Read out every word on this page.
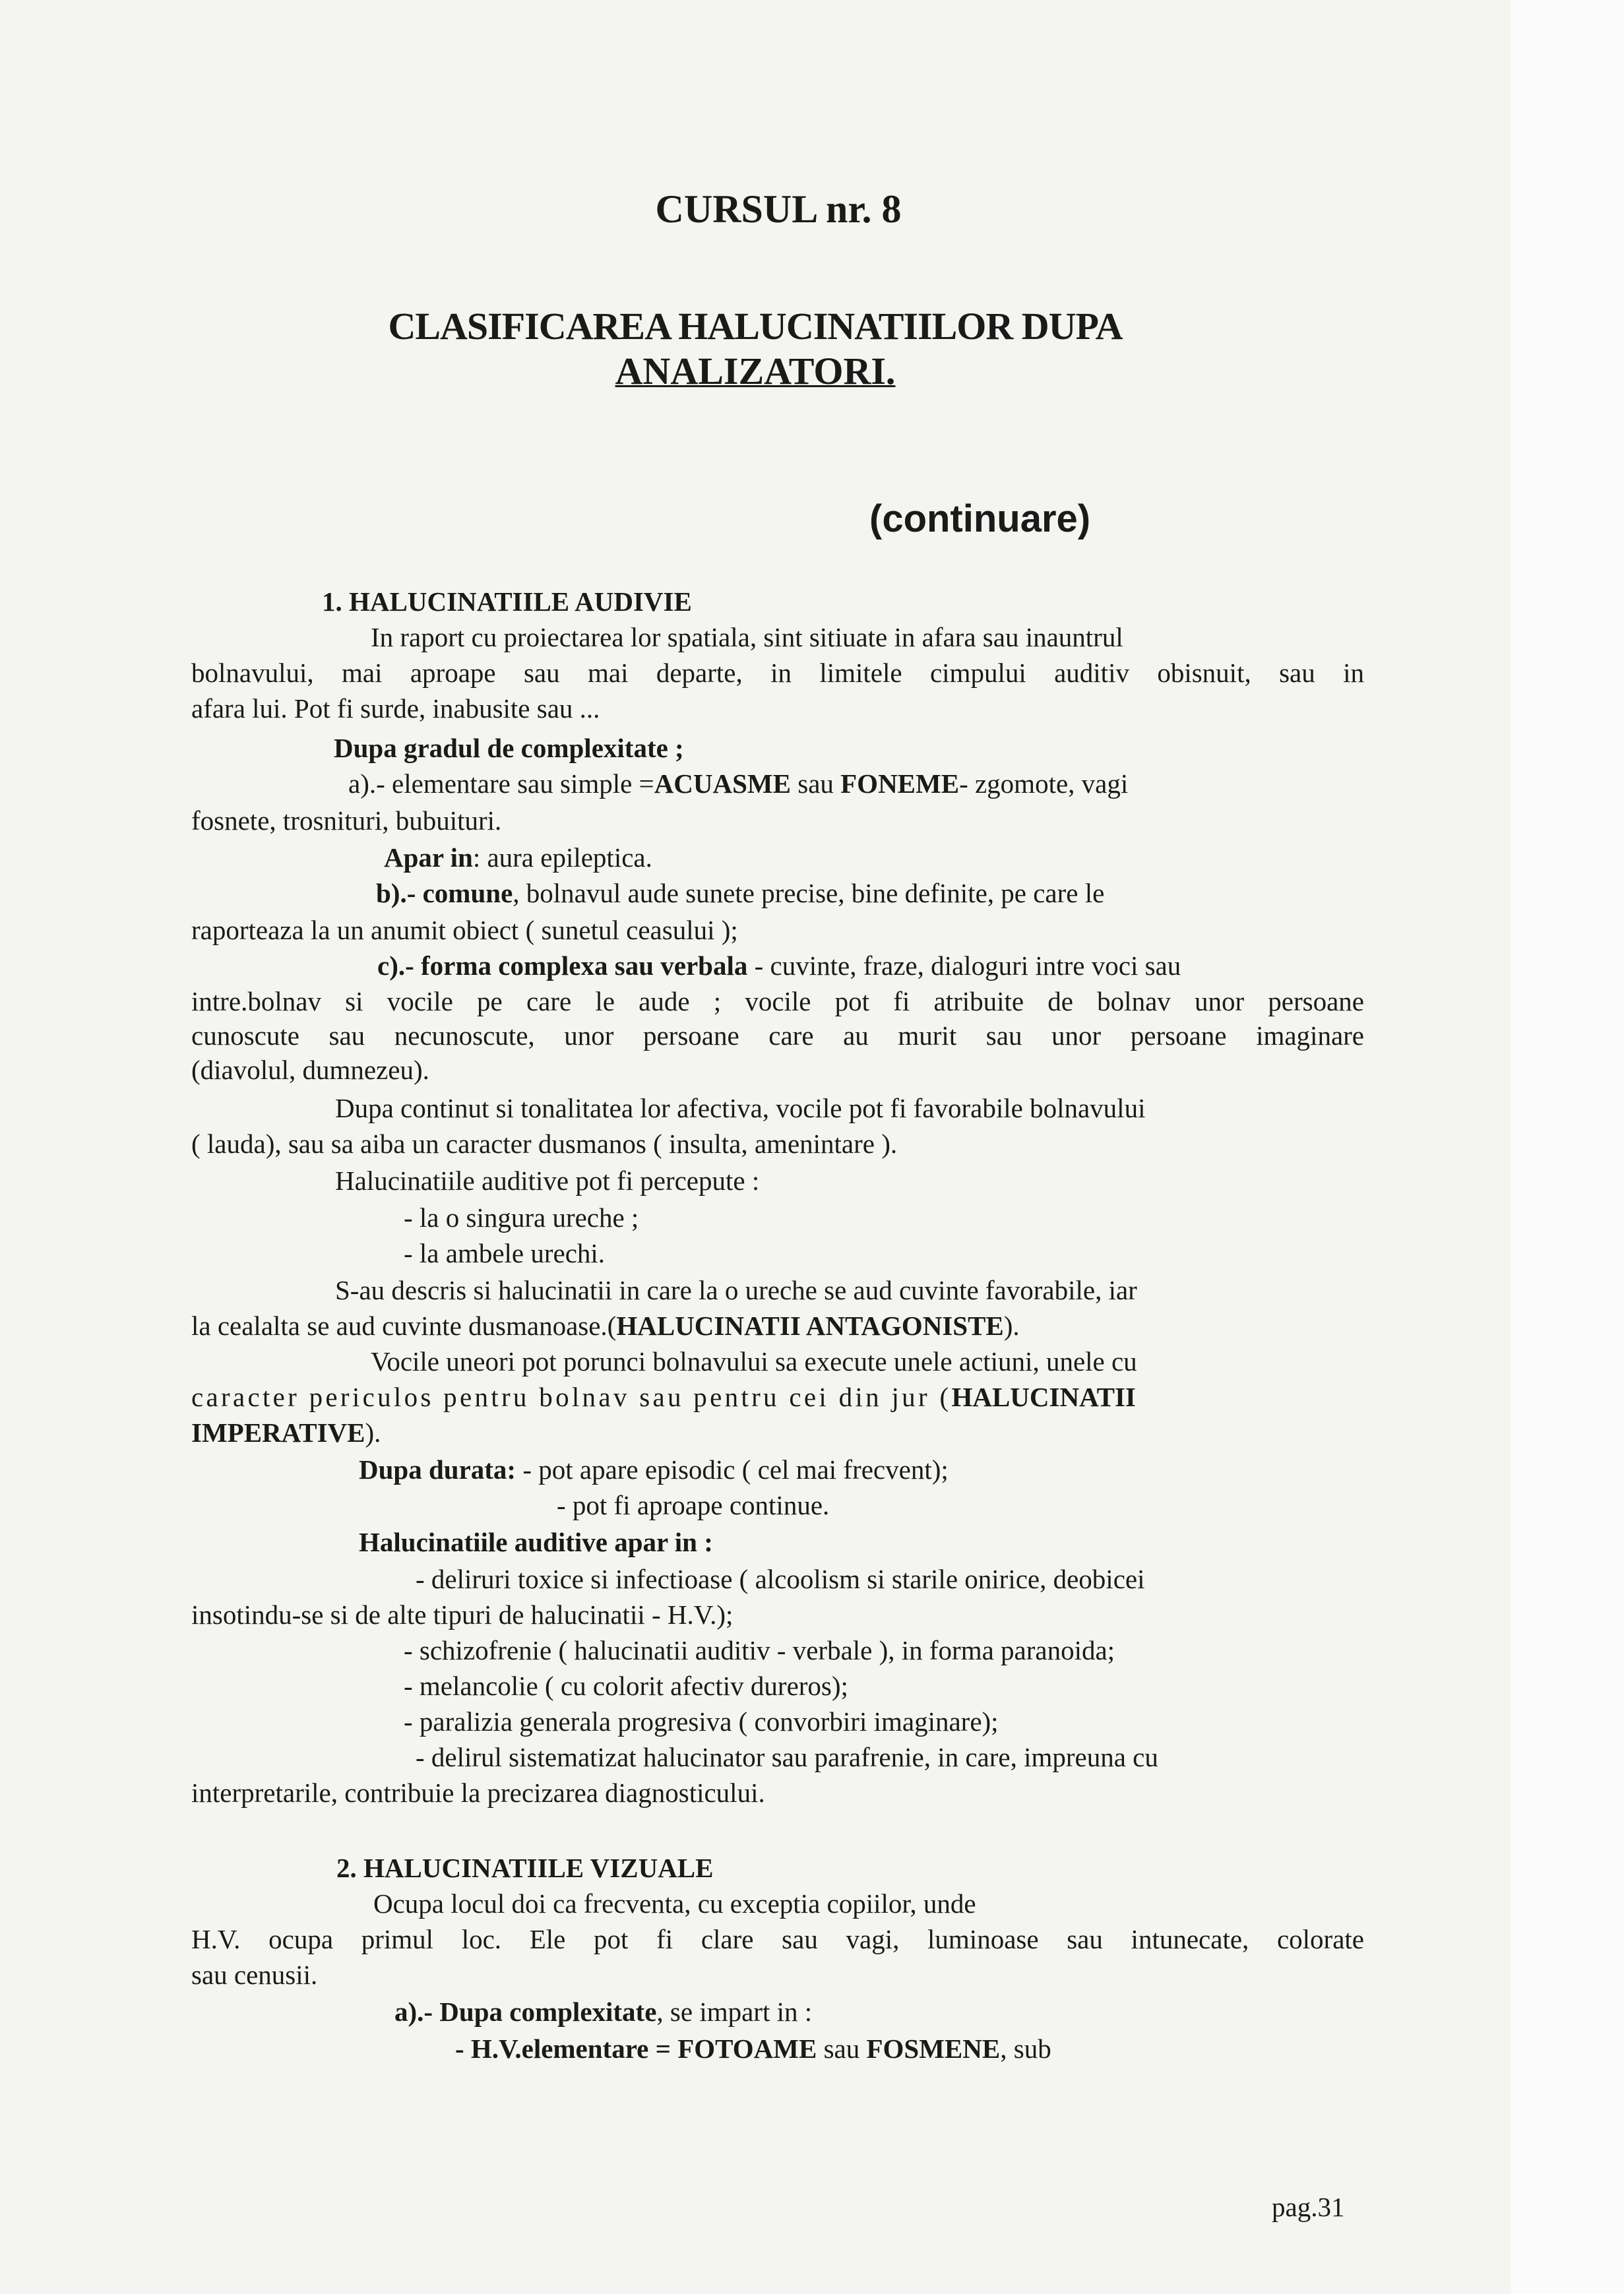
CURSUL nr. 8
CLASIFICAREA HALUCINATIILOR DUPA
ANALIZATORI.
(continuare)
1. HALUCINATIILE AUDIVIE
In raport cu proiectarea lor spatiala, sint sitiuate in afara sau inauntrul
bolnavului, mai aproape sau mai departe, in limitele cimpului auditiv obisnuit, sau in
afara lui. Pot fi surde, inabusite sau ...
Dupa gradul de complexitate ;
a).- elementare sau simple =ACUASME sau FONEME- zgomote, vagi
fosnete, trosnituri, bubuituri.
Apar in: aura epileptica.
b).- comune, bolnavul aude sunete precise, bine definite, pe care le
raporteaza la un anumit obiect ( sunetul ceasului );
c).- forma complexa sau verbala - cuvinte, fraze, dialoguri intre voci sau
intre.bolnav si vocile pe care le aude ; vocile pot fi atribuite de bolnav unor persoane
cunoscute sau necunoscute, unor persoane care au murit sau unor persoane imaginare
(diavolul, dumnezeu).
Dupa continut si tonalitatea lor afectiva, vocile pot fi favorabile bolnavului
( lauda), sau sa aiba un caracter dusmanos ( insulta, amenintare ).
Halucinatiile auditive pot fi percepute :
- la o singura ureche ;
- la ambele urechi.
S-au descris si halucinatii in care la o ureche se aud cuvinte favorabile, iar
la cealalta se aud cuvinte dusmanoase.(HALUCINATII ANTAGONISTE).
Vocile uneori pot porunci bolnavului sa execute unele actiuni, unele cu
caracter periculos pentru bolnav sau pentru cei din jur (HALUCINATII
IMPERATIVE).
Dupa durata: - pot apare episodic ( cel mai frecvent);
- pot fi aproape continue.
Halucinatiile auditive apar in :
- deliruri toxice si infectioase ( alcoolism si starile onirice, deobicei
insotindu-se si de alte tipuri de halucinatii - H.V.);
- schizofrenie ( halucinatii auditiv - verbale ), in forma paranoida;
- melancolie ( cu colorit afectiv dureros);
- paralizia generala progresiva ( convorbiri imaginare);
- delirul sistematizat halucinator sau parafrenie, in care, impreuna cu
interpretarile, contribuie la precizarea diagnosticului.
2. HALUCINATIILE VIZUALE
Ocupa locul doi ca frecventa, cu exceptia copiilor, unde
H.V. ocupa primul loc. Ele pot fi clare sau vagi, luminoase sau intunecate, colorate
sau cenusii.
a).- Dupa complexitate, se impart in :
- H.V.elementare = FOTOAME sau FOSMENE, sub
pag.31
